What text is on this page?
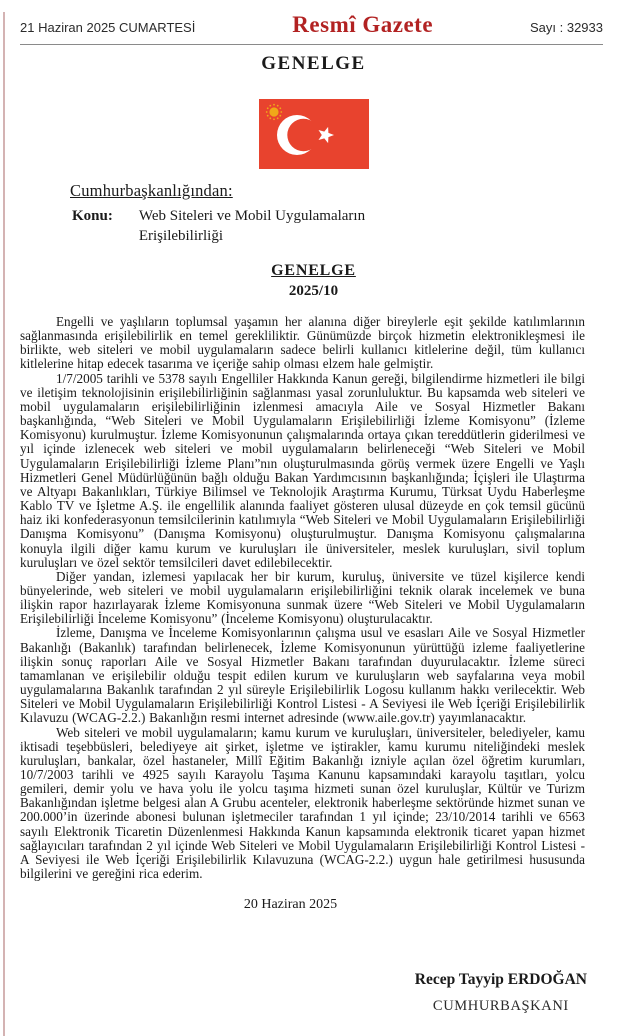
21 Haziran 2025 CUMARTESİ	Resmî Gazete	Sayı : 32933
GENELGE
Cumhurbaşkanlığından:
Konu: Web Siteleri ve Mobil Uygulamaların Erişilebilirliği
GENELGE
2025/10

Engelli ve yaşlıların toplumsal yaşamın her alanına diğer bireylerle eşit şekilde katılımlarının sağlanmasında erişilebilirlik en temel gerekliliktir. Günümüzde birçok hizmetin elektronikleşmesi ile birlikte, web siteleri ve mobil uygulamaların sadece belirli kullanıcı kitlelerine değil, tüm kullanıcı kitlelerine hitap edecek tasarıma ve içeriğe sahip olması elzem hale gelmiştir.

1/7/2005 tarihli ve 5378 sayılı Engelliler Hakkında Kanun gereği, bilgilendirme hizmetleri ile bilgi ve iletişim teknolojisinin erişilebilirliğinin sağlanması yasal zorunluluktur. Bu kapsamda web siteleri ve mobil uygulamaların erişilebilirliğinin izlenmesi amacıyla Aile ve Sosyal Hizmetler Bakanı başkanlığında, “Web Siteleri ve Mobil Uygulamaların Erişilebilirliği İzleme Komisyonu” (İzleme Komisyonu) kurulmuştur. İzleme Komisyonunun çalışmalarında ortaya çıkan tereddütlerin giderilmesi ve yıl içinde izlenecek web siteleri ve mobil uygulamaların belirleneceği “Web Siteleri ve Mobil Uygulamaların Erişilebilirliği İzleme Planı”nın oluşturulmasında görüş vermek üzere Engelli ve Yaşlı Hizmetleri Genel Müdürlüğünün bağlı olduğu Bakan Yardımcısının başkanlığında; İçişleri ile Ulaştırma ve Altyapı Bakanlıkları, Türkiye Bilimsel ve Teknolojik Araştırma Kurumu, Türksat Uydu Haberleşme Kablo TV ve İşletme A.Ş. ile engellilik alanında faaliyet gösteren ulusal düzeyde en çok temsil gücünü haiz iki konfederasyonun temsilcilerinin katılımıyla “Web Siteleri ve Mobil Uygulamaların Erişilebilirliği Danışma Komisyonu” (Danışma Komisyonu) oluşturulmuştur. Danışma Komisyonu çalışmalarına konuyla ilgili diğer kamu kurum ve kuruluşları ile üniversiteler, meslek kuruluşları, sivil toplum kuruluşları ve özel sektör temsilcileri davet edilebilecektir.

Diğer yandan, izlemesi yapılacak her bir kurum, kuruluş, üniversite ve tüzel kişilerce kendi bünyelerinde, web siteleri ve mobil uygulamaların erişilebilirliğini teknik olarak incelemek ve buna ilişkin rapor hazırlayarak İzleme Komisyonuna sunmak üzere “Web Siteleri ve Mobil Uygulamaların Erişilebilirliği İnceleme Komisyonu” (İnceleme Komisyonu) oluşturulacaktır.

İzleme, Danışma ve İnceleme Komisyonlarının çalışma usul ve esasları Aile ve Sosyal Hizmetler Bakanlığı (Bakanlık) tarafından belirlenecek, İzleme Komisyonunun yürüttüğü izleme faaliyetlerine ilişkin sonuç raporları Aile ve Sosyal Hizmetler Bakanı tarafından duyurulacaktır. İzleme süreci tamamlanan ve erişilebilir olduğu tespit edilen kurum ve kuruluşların web sayfalarına veya mobil uygulamalarına Bakanlık tarafından 2 yıl süreyle Erişilebilirlik Logosu kullanım hakkı verilecektir. Web Siteleri ve Mobil Uygulamaların Erişilebilirliği Kontrol Listesi - A Seviyesi ile Web İçeriği Erişilebilirlik Kılavuzu (WCAG-2.2.) Bakanlığın resmi internet adresinde (www.aile.gov.tr) yayımlanacaktır.

Web siteleri ve mobil uygulamaların; kamu kurum ve kuruluşları, üniversiteler, belediyeler, kamu iktisadi teşebbüsleri, belediyeye ait şirket, işletme ve iştirakler, kamu kurumu niteliğindeki meslek kuruluşları, bankalar, özel hastaneler, Millî Eğitim Bakanlığı izniyle açılan özel öğretim kurumları, 10/7/2003 tarihli ve 4925 sayılı Karayolu Taşıma Kanunu kapsamındaki karayolu taşıtları, yolcu gemileri, demir yolu ve hava yolu ile yolcu taşıma hizmeti sunan özel kuruluşlar, Kültür ve Turizm Bakanlığından işletme belgesi alan A Grubu acenteler, elektronik haberleşme sektöründe hizmet sunan ve 200.000’in üzerinde abonesi bulunan işletmeciler tarafından 1 yıl içinde; 23/10/2014 tarihli ve 6563 sayılı Elektronik Ticaretin Düzenlenmesi Hakkında Kanun kapsamında elektronik ticaret yapan hizmet sağlayıcıları tarafından 2 yıl içinde Web Siteleri ve Mobil Uygulamaların Erişilebilirliği Kontrol Listesi - A Seviyesi ile Web İçeriği Erişilebilirlik Kılavuzuna (WCAG-2.2.) uygun hale getirilmesi hususunda bilgilerini ve gereğini rica ederim.

20 Haziran 2025
Recep Tayyip ERDOĞAN
CUMHURBAŞKANI
